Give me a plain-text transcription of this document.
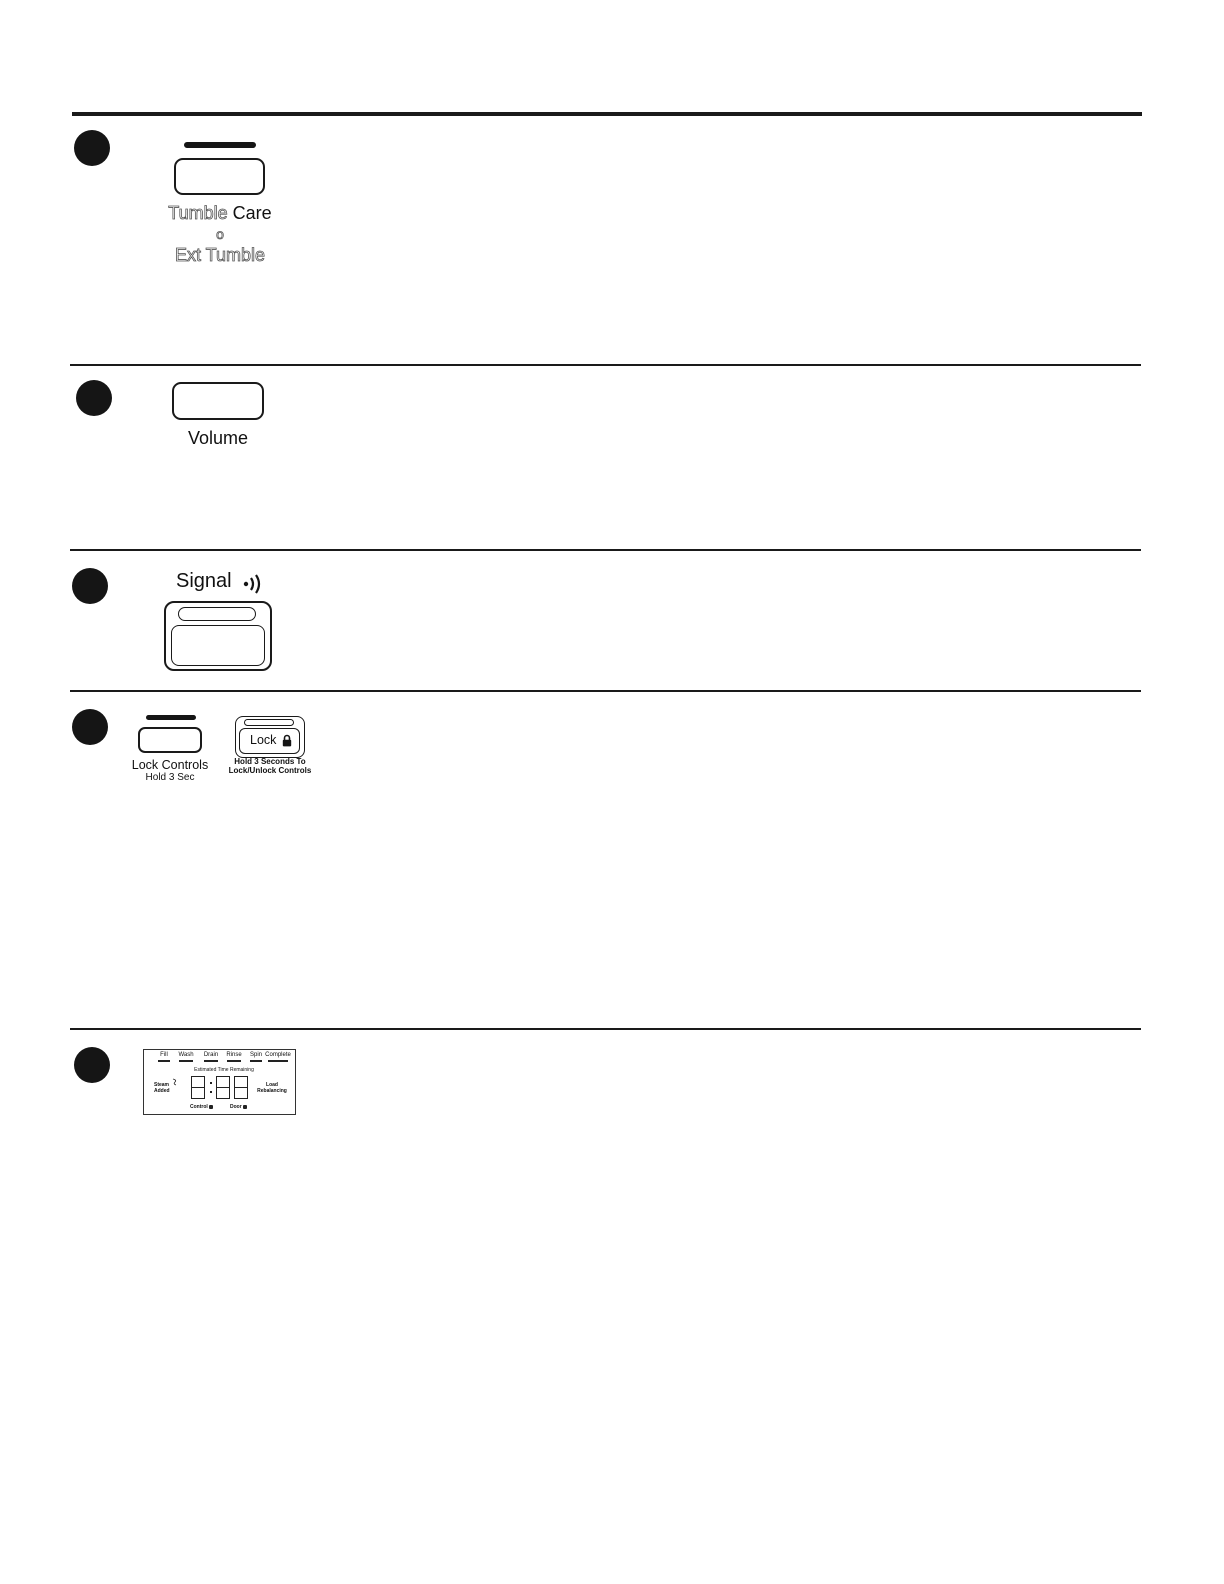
Tumble Care
o
Ext Tumble
Volume
Signal
Lock Controls
Hold 3 Sec
Lock
Hold 3 Seconds To
Lock/Unlock Controls
Fill	Wash	Drain	Rinse	Spin Complete
Estimated Time Remaining
Steam
Added
Load
Rebalancing
Control	Door
